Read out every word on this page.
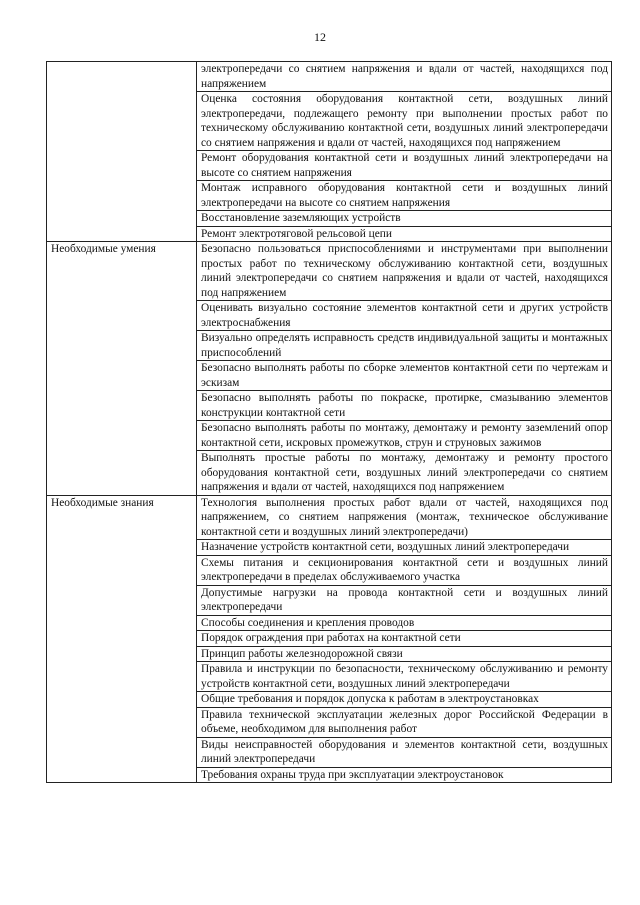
12
	электропередачи со снятием напряжения и вдали от частей, находящихся под напряжением
	Оценка состояния оборудования контактной сети, воздушных линий электропередачи, подлежащего ремонту при выполнении простых работ по техническому обслуживанию контактной сети, воздушных линий электропередачи со снятием напряжения и вдали от частей, находящихся под напряжением
	Ремонт оборудования контактной сети и воздушных линий электропередачи на высоте со снятием напряжения
	Монтаж исправного оборудования контактной сети и воздушных линий электропередачи на высоте со снятием напряжения
	Восстановление заземляющих устройств
	Ремонт электротяговой рельсовой цепи
Необходимые умения	Безопасно пользоваться приспособлениями и инструментами при выполнении простых работ по техническому обслуживанию контактной сети, воздушных линий электропередачи со снятием напряжения и вдали от частей, находящихся под напряжением
	Оценивать визуально состояние элементов контактной сети и других устройств электроснабжения
	Визуально определять исправность средств индивидуальной защиты и монтажных приспособлений
	Безопасно выполнять работы по сборке элементов контактной сети по чертежам и эскизам
	Безопасно выполнять работы по покраске, протирке, смазыванию элементов конструкции контактной сети
	Безопасно выполнять работы по монтажу, демонтажу и ремонту заземлений опор контактной сети, искровых промежутков, струн и струновых зажимов
	Выполнять простые работы по монтажу, демонтажу и ремонту простого оборудования контактной сети, воздушных линий электропередачи со снятием напряжения и вдали от частей, находящихся под напряжением
Необходимые знания	Технология выполнения простых работ вдали от частей, находящихся под напряжением, со снятием напряжения (монтаж, техническое обслуживание контактной сети и воздушных линий электропередачи)
	Назначение устройств контактной сети, воздушных линий электропередачи
	Схемы питания и секционирования контактной сети и воздушных линий электропередачи в пределах обслуживаемого участка
	Допустимые нагрузки на провода контактной сети и воздушных линий электропередачи
	Способы соединения и крепления проводов
	Порядок ограждения при работах на контактной сети
	Принцип работы железнодорожной связи
	Правила и инструкции по безопасности, техническому обслуживанию и ремонту устройств контактной сети, воздушных линий электропередачи
	Общие требования и порядок допуска к работам в электроустановках
	Правила технической эксплуатации железных дорог Российской Федерации в объеме, необходимом для выполнения работ
	Виды неисправностей оборудования и элементов контактной сети, воздушных линий электропередачи
	Требования охраны труда при эксплуатации электроустановок
